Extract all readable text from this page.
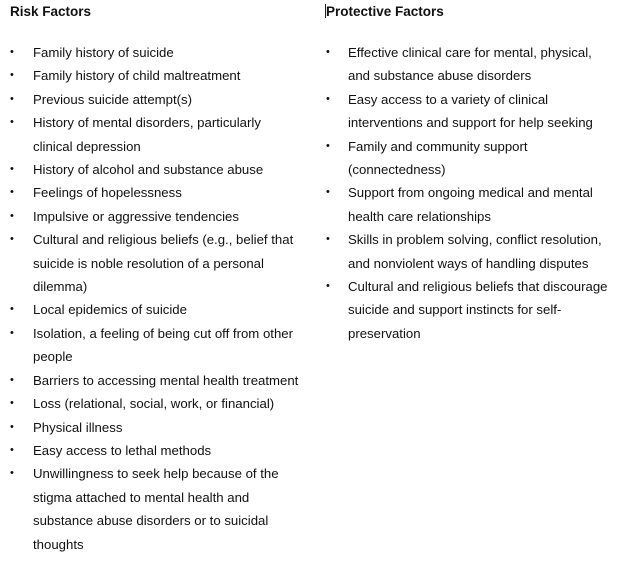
Risk Factors
• Family history of suicide
• Family history of child maltreatment
• Previous suicide attempt(s)
• History of mental disorders, particularly clinical depression
• History of alcohol and substance abuse
• Feelings of hopelessness
• Impulsive or aggressive tendencies
• Cultural and religious beliefs (e.g., belief that suicide is noble resolution of a personal dilemma)
• Local epidemics of suicide
• Isolation, a feeling of being cut off from other people
• Barriers to accessing mental health treatment
• Loss (relational, social, work, or financial)
• Physical illness
• Easy access to lethal methods
• Unwillingness to seek help because of the stigma attached to mental health and substance abuse disorders or to suicidal thoughts
Protective Factors
• Effective clinical care for mental, physical, and substance abuse disorders
• Easy access to a variety of clinical interventions and support for help seeking
• Family and community support (connectedness)
• Support from ongoing medical and mental health care relationships
• Skills in problem solving, conflict resolution, and nonviolent ways of handling disputes
• Cultural and religious beliefs that discourage suicide and support instincts for self-preservation
